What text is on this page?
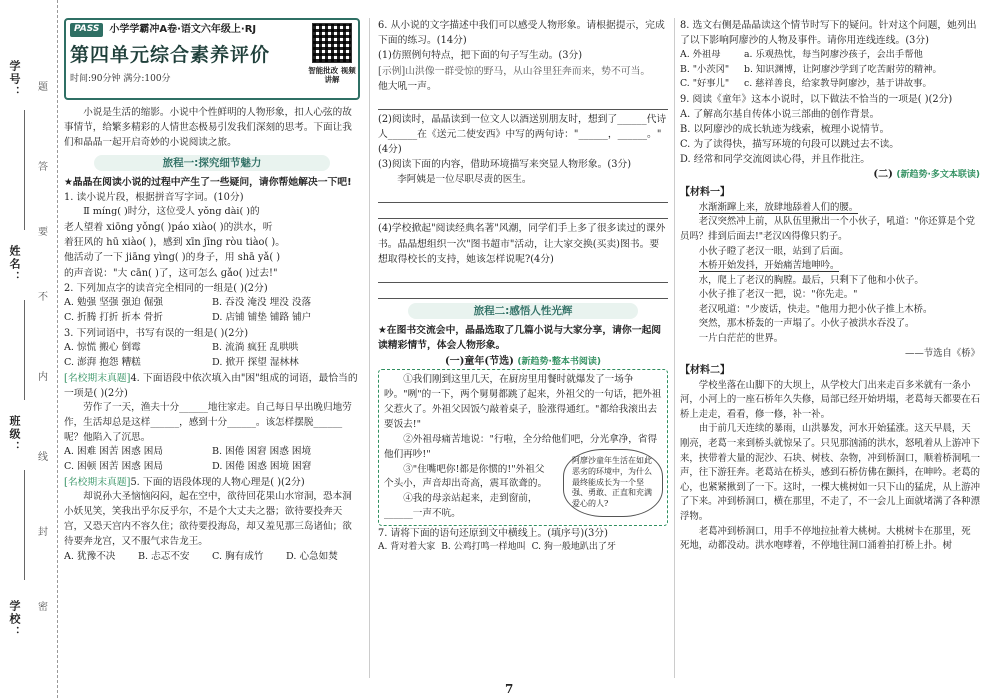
学号：
姓名：
班级：
学校：
题
答
要
不
内
线
封
密
PASS	小学学霸冲A卷·语文六年级上·RJ
第四单元综合素养评价
时间:90分钟 满分:100分
智能批改 视频讲解

小说是生活的缩影。小说中个性鲜明的人物形象，扣人心弦的故事情节，给繁多精彩的人情世态极易引发我们深刻的思考。下面让我们和晶晶一起开启奇妙的小说阅读之旅。

旅程一:探究细节魅力
★晶晶在阅读小说的过程中产生了一些疑问，请你帮她解决一下吧!
1. 读小说片段，根据拼音写字词。(10分)
Ⅱ míng( )时分，这位受人 yǒng dài( )的
老人望着 xiōng yǒng( )páo xiào( )的洪水，听
着狂风的 hū xiào( )，感到 xīn jīng ròu tiào( )。
他活动了一下 jiāng yìng( )的身子，用 shā yǎ( )
的声音说："大 cān( )了，这可怎么 ɡǎo( )过去!"
2. 下列加点字的读音完全相同的一组是( )(2分)
A. 勉强 坚强 强迫 倔强	B. 吞没 淹没 埋没 没落
C. 折腾 打折 折本 骨折	D. 店铺 铺垫 铺路 铺户
3. 下列词语中，书写有误的一组是( )(2分)
A. 惊慌 搬心 倒霉	B. 流淌 疯狂 乱哄哄
C. 澎湃 抱怨 糟糕	D. 掀开 探望 湿林林
[名校期末真题]4. 下面语段中依次填入由"困"组成的词语，最恰当的一项是( )(2分)
劳作了一天，渔夫十分______地往家走。自己每日早出晚归地劳作，生活却总是这样______，感到十分______。该怎样摆脱______呢？他陷入了沉思。
A. 困难 困苦 困惑 困局	B. 困倦 困窘 困惑 困境
C. 困顿 困苦 困惑 困局	D. 困倦 困惑 困境 困窘
[名校期末真题]5. 下面的语段体现的人物心理是( )(2分)
却说孙大圣恼恼闷闷，起在空中，欲待回花果山水帘洞，恐本洞小妖见笑，笑我出乎尔反乎尔，不是个大丈夫之器；欲待要投奔天宫，又恐天宫内不容久住；欲待要投海岛，却又羞见那三岛诸仙；欲待要奔龙宫，又不服气求告龙王。
A. 犹豫不决	B. 忐忑不安	C. 胸有成竹	D. 心急如焚
6. 从小说的文字描述中我们可以感受人物形象。请根据提示，完成下面的练习。(14分)
(1)仿照例句特点，把下面的句子写生动。(3分)
[示例]山洪像一群受惊的野马，从山谷里狂奔而来，势不可当。
他大吼一声。
(2)阅读时，晶晶读到一位文人以酒送别朋友时，想到了______代诗人______在《送元二使安西》中写的两句诗："______，______。"(4分)
(3)阅读下面的内容，借助环境描写来突显人物形象。(3分)
李阿姨是一位尽职尽责的医生。
(4)学校掀起"阅读经典名著"风潮，同学们手上多了很多读过的课外书。晶晶想组织一次"图书超市"活动，让大家交换(买卖)图书。要想取得校长的支持，她该怎样说呢?(4分)
旅程二:感悟人性光辉
★在图书交流会中，晶晶选取了几篇小说与大家分享，请你一起阅读精彩情节，体会人物形象。
(一)童年(节选) (新趋势·整本书阅读)

①我们刚到这里几天，在厨房里用餐时就爆发了一场争吵。"咧"的一下，两个舅舅都跳了起来，外祖父的一句话，把外祖父惹火了。外祖父因饭勺敲着桌子，脸涨得通红。"都给我滚出去要饭去!"

②外祖母痛苦地说："行啦，全分给他们吧，分光拿净，省得他们再吵!"

③"住嘴吧你!都是你惯的!"外祖父个头小，声音却出奇高，震耳欲聋的。

④我的母亲站起来，走到窗前，______一声不吭。

阿廖沙童年生活在如此恶劣的环境中，为什么最终能成长为一个坚强、勇敢、正直和充满爱心的人?
7. 请将下面的语句还原到文中横线上。(填序号)(3分)
A. 背对着大家 B. 公鸡打鸣一样地叫 C. 狗一般地趴出了牙
8. 选文右侧是晶晶读这个情节时写下的疑问。针对这个问题，她列出了以下影响阿廖沙的人物及事件。请你用连线连线。(3分)
A. 外祖母
B. "小茨冈"
C. "好事儿"
a. 乐观热忱，每当阿廖沙孩子，会出手帮他
b. 知识渊博，让阿廖沙学到了吃苦耐劳的精神。
c. 慈祥善良，给家教导阿廖沙，基于讲故事。
9. 阅读《童年》这本小说时，以下做法不恰当的一项是( )(2分)
A. 了解高尔基自传体小说三部曲的创作背景。
B. 以阿廖沙的成长轨迹为线索，梳理小说情节。
C. 为了读得快，描写环境的句段可以跳过去不读。
D. 经常和同学交流阅读心得，并且作批注。
(二) (新趋势·多文本联读)
【材料一】

水渐渐蹿上来，放肆地舔着人们的腰。

老汉突然冲上前，从队伍里揪出一个小伙子，吼道："你还算是个党员吗？排到后面去!"老汉凶得像只豹子。

小伙子瞪了老汉一眼，站到了后面。

木桥开始发抖，开始痛苦地呻吟。

水，爬上了老汉的胸膛。最后，只剩下了他和小伙子。

小伙子推了老汉一把，说："你先走。"

老汉吼道："少废话，快走。"他用力把小伙子推上木桥。

突然，那木桥轰的一声塌了。小伙子被洪水吞没了。

一片白茫茫的世界。

——节选自《桥》
【材料二】

学校坐落在山脚下的大坝上，从学校大门出来走百多米就有一条小河，小河上的一座石桥年久失修，局部已经开始坍塌，老葛每天都要在石桥上走走，看看，修一修，补一补。

由于前几天连续的暴雨，山洪暴发，河水开始猛涨。这天早晨，天刚亮，老葛一来到桥头就惊呆了。只见那汹涌的洪水，怒吼着从上游冲下来，挟带着大量的泥沙、石块、树枝、杂物，冲到桥洞口，顺着桥洞吼一声，往下游狂奔。老葛站在桥头，感到石桥仿佛在颤抖，在呻吟。老葛的心，也紧紧揪到了一下。这时，一棵大桃树如一只下山的猛虎，从上游冲了下来。冲到桥洞口，横在那里，不走了，不一会儿上面就堵满了各种漂浮物。

老葛冲到桥洞口，用手不停地拉扯着大桃树。大桃树卡在那里，死死地，动都没动。洪水咆哮着，不停地往洞口涌着拍打桥上扑。树

7
